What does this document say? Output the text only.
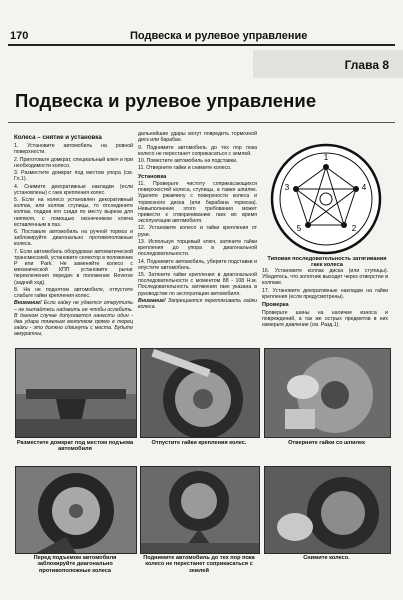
170	Подвеска и рулевое управление
Глава 8
Подвеска и рулевое управление
Колеса – снятие и установка

1. Установите автомобиль на ровной поверхности.

2. Приготовьте домкрат, специальный ключ и при необходимости колесо.

3. Разместите домкрат под местом упора (см. Гл.1).

4. Снимите декоративные накладки (если установлены) с гаек крепления колес.

5. Если на колесо установлен декоративный колпак, или колпак ступицы, то отсоедините колпак, поддев его сзади по месту выреза для ниппеля, с помощью оконечником ключа вставленным в паз.

6. Поставьте автомобиль на ручной тормоз и заблокируйте диагонально противоположные колеса.

7. Если автомобиль оборудован автоматической трансмиссией, установите селектор в положение P или Park. Не заменяйте колесо с механической КПП установите рычаг переключения передач в положение Reverse (задний ход).

8. На не поднятом автомобиле, отпустите слабьте гайки крепления колес.

Внимание! Если гайку не удается открутить – не пытайтесь надавить ее чтобы ослабить. В данном случае допускается нанести один - два удара тяжелым молотком прямо в торец гайки - это должно сдвинуть с места. Будьте аккуратны,

дальнейшие удары могут повредить тормозной диск или барабан.

9. Поднимите автомобиль до тех пор пока колесо не перестанет соприкасаться с землей.

10. Поместите автомобиль на подставки.

11. Отверните гайки и снимите колесо.

Установка

11. Проверьте чистоту соприкасающихся поверхностей колеса, ступицы, а также шпилек. Удалите ржавчину с поверхности колеса и тормозного диска (или барабана тормоза). Невыполнение этого требования может привести к отворачиванию гаек во время эксплуатации автомобиля.

12. Установите колесо и гайки крепления от руки.

13. Используя торцевый ключ, затяните гайки крепления до упора в диагональной последовательности.

14. Поднимите автомобиль, уберите подставки и опустите автомобиль.

15. Затяните гайки крепления в диагональной последовательности с моментом 88 - 108 Н.м. Последовательность затяжения гаек указана в руководстве по эксплуатации автомобиля.

Внимание! Запрещается перетягивать гайки колеса.

1
2
3	4
5
Типовая последовательность затягивания гаек колеса

16. Установите колпак диска (или ступицы). Убедитесь, что золотник выходит через отверстие в колпаке.

17. Установите декоративные накладки на гайки крепления (если предусмотрены).

Проверка

Проверьте шины на наличие износа и повреждений, а так же острых предметов в них измерьте давление (см. Разд.1).

Разместите домкрат под местом подъема автомобиля
Отпустите гайки крепления колес.	Отверните гайки со шпилек
Перед подъемом автомобиля заблокируйте диагонально противоположные колеса
Поднимите автомобиль до тех пор пока колесо не перестанет соприкасаться с землей
Снимите колесо.
